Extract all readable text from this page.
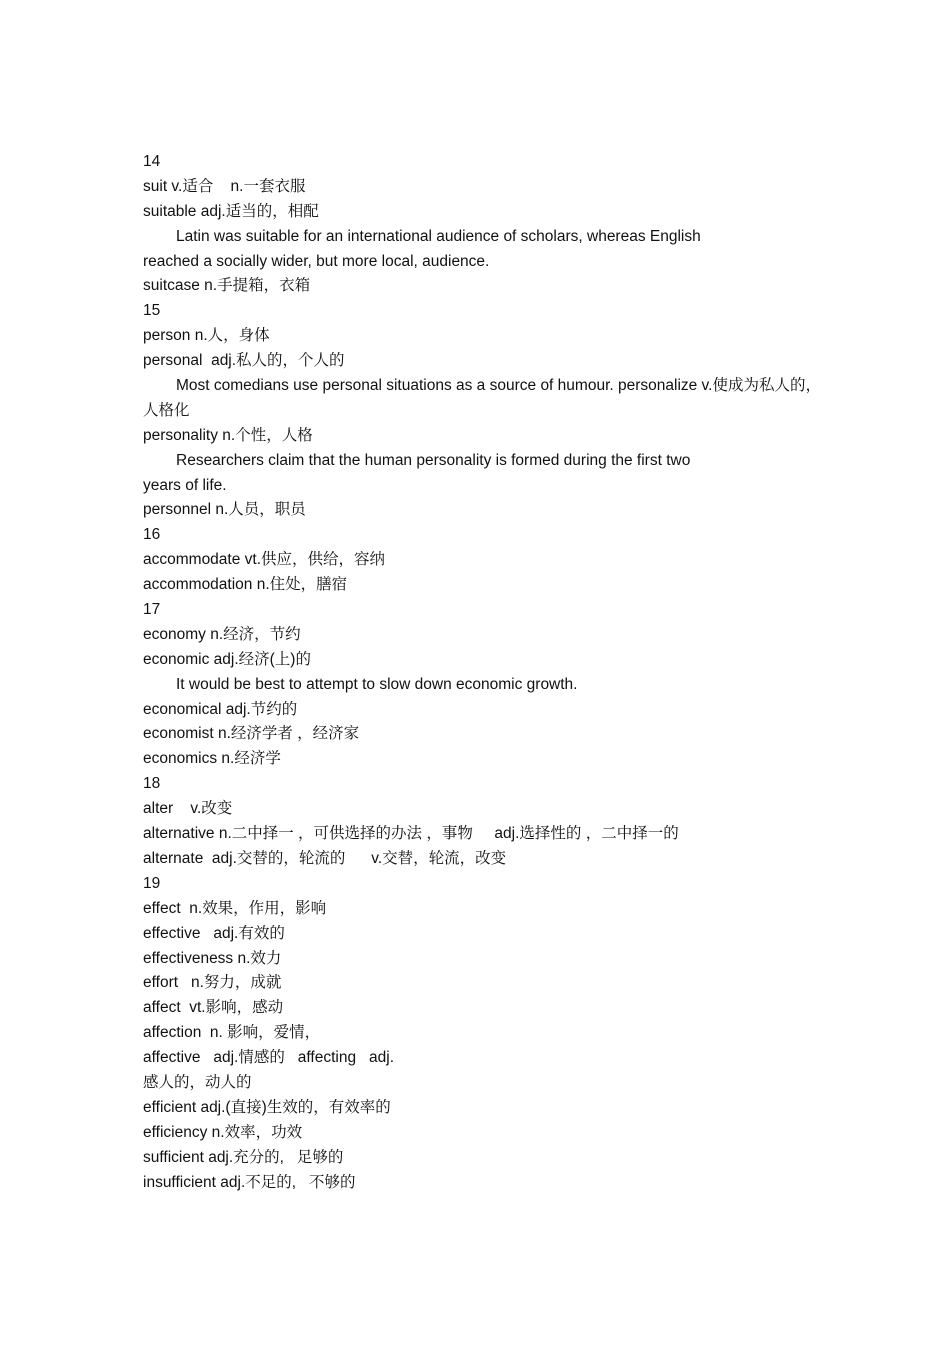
14
suit v.适合    n.一套衣服
suitable adj.适当的，相配
Latin was suitable for an international audience of scholars, whereas English
reached a socially wider, but more local, audience.
suitcase n.手提箱，衣箱
15
person n.人，身体
personal  adj.私人的，个人的
Most comedians use personal situations as a source of humour. personalize v.使成为私人的，
人格化
personality n.个性，人格
Researchers claim that the human personality is formed during the first two
years of life.
personnel n.人员，职员
16
accommodate vt.供应，供给，容纳
accommodation n.住处，膳宿
17
economy n.经济，节约
economic adj.经济(上)的
It would be best to attempt to slow down economic growth.
economical adj.节约的
economist n.经济学者 ，经济家
economics n.经济学
18
alter    v.改变
alternative n.二中择一 ，可供选择的办法 ，事物     adj.选择性的 ，二中择一的
alternate  adj.交替的，轮流的      v.交替，轮流，改变
19
effect  n.效果，作用，影响
effective   adj.有效的
effectiveness n.效力
effort   n.努力，成就
affect  vt.影响，感动
affection  n. 影响，爱情，
affective   adj.情感的   affecting   adj.
感人的，动人的
efficient adj.(直接)生效的，有效率的
efficiency n.效率，功效
sufficient adj.充分的,   足够的
insufficient adj.不足的,   不够的
